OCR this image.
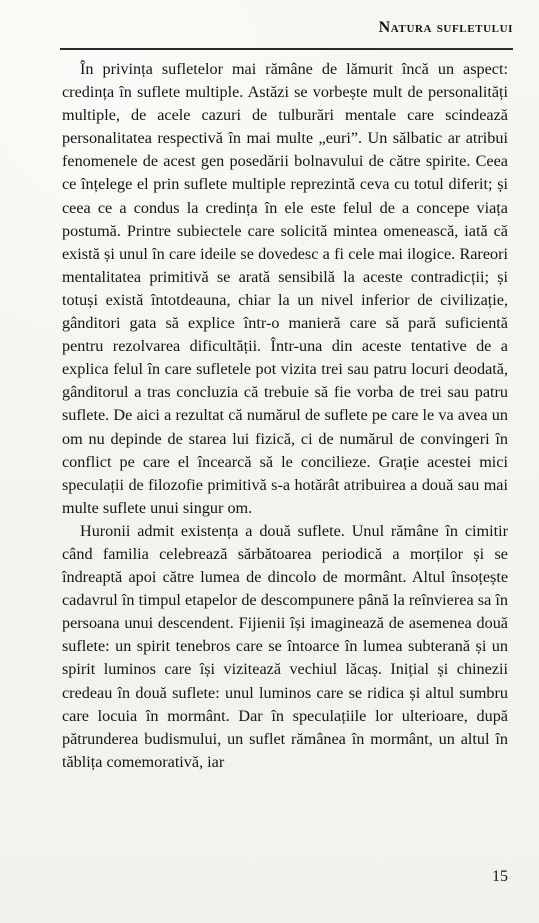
Natura sufletului

În privința sufletelor mai rămâne de lămurit încă un aspect: credința în suflete multiple. Astăzi se vorbește mult de personalități multiple, de acele cazuri de tulburări mentale care scindează personalitatea respectivă în mai multe „euri”. Un sălbatic ar atribui fenomenele de acest gen posedării bolnavului de către spirite. Ceea ce înțelege el prin suflete multiple reprezintă ceva cu totul diferit; și ceea ce a condus la credința în ele este felul de a concepe viața postumă. Printre subiectele care solicită mintea omenească, iată că există și unul în care ideile se dovedesc a fi cele mai ilogice. Rareori mentalitatea primitivă se arată sensibilă la aceste contradicții; și totuși există întotdeauna, chiar la un nivel inferior de civilizație, gânditori gata să explice într-o manieră care să pară suficientă pentru rezolvarea dificultății. Într-una din aceste tentative de a explica felul în care sufletele pot vizita trei sau patru locuri deodată, gânditorul a tras concluzia că trebuie să fie vorba de trei sau patru suflete. De aici a rezultat că numărul de suflete pe care le va avea un om nu depinde de starea lui fizică, ci de numărul de convingeri în conflict pe care el încearcă să le concilieze. Grație acestei mici speculații de filozofie primitivă s-a hotărât atribuirea a două sau mai multe suflete unui singur om.

Huronii admit existența a două suflete. Unul rămâne în cimitir când familia celebrează sărbătoarea periodică a morților și se îndreaptă apoi către lumea de dincolo de mormânt. Altul însoțește cadavrul în timpul etapelor de descompunere până la reînvierea sa în persoana unui descendent. Fijienii își imaginează de asemenea două suflete: un spirit tenebros care se întoarce în lumea subterană și un spirit luminos care își vizitează vechiul lăcaș. Inițial și chinezii credeau în două suflete: unul luminos care se ridica și altul sumbru care locuia în mormânt. Dar în speculațiile lor ulterioare, după pătrunderea budismului, un suflet rămânea în mormânt, un altul în tăblița comemorativă, iar

15
